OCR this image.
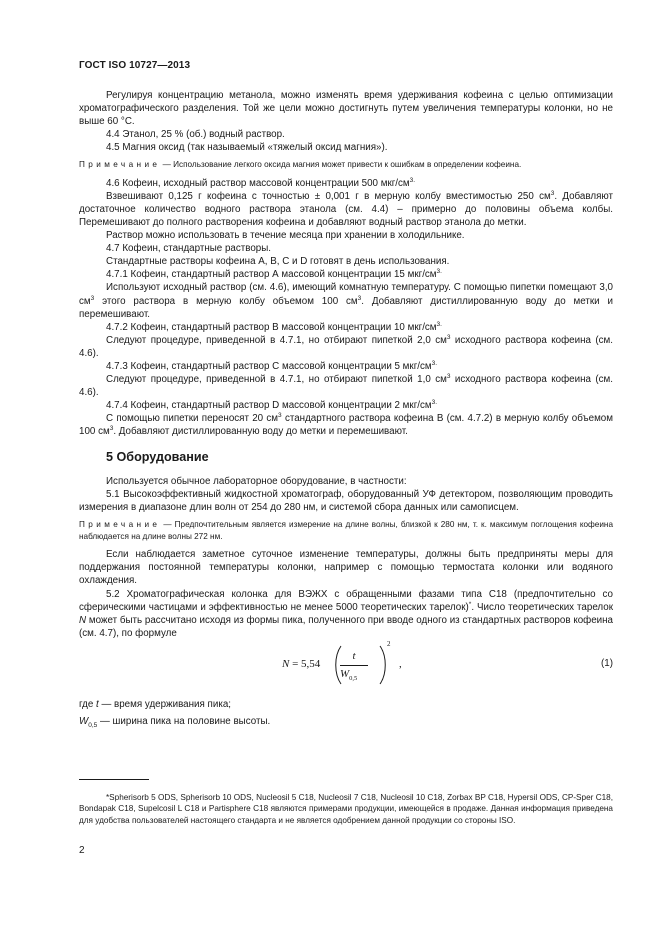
ГОСТ ISO 10727—2013

Регулируя концентрацию метанола, можно изменять время удерживания кофеина с целью оптимизации хроматографического разделения. Той же цели можно достигнуть путем увеличения температуры колонки, но не выше 60 °С.

4.4 Этанол, 25 % (об.) водный раствор.

4.5 Магния оксид (так называемый «тяжелый оксид магния»).

Примечание — Использование легкого оксида магния может привести к ошибкам в определении кофеина.

4.6 Кофеин, исходный раствор массовой концентрации 500 мкг/$см^{3.}$

Взвешивают 0,125 г кофеина с точностью ± 0,001 г в мерную колбу вместимостью 250 $см^3$. Добавляют достаточное количество водного раствора этанола (см. 4.4) – примерно до половины объема колбы. Перемешивают до полного растворения кофеина и добавляют водный раствор этанола до метки.

Раствор можно использовать в течение месяца при хранении в холодильнике.

4.7 Кофеин, стандартные растворы.

Стандартные растворы кофеина А, В, С и D готовят в день использования.

4.7.1 Кофеин, стандартный раствор А массовой концентрации 15 мкг/$см^{3.}$

Используют исходный раствор (см. 4.6), имеющий комнатную температуру. С помощью пипетки помещают 3,0 $см^3$ этого раствора в мерную колбу объемом 100 $см^3$. Добавляют дистиллированную воду до метки и перемешивают.

4.7.2 Кофеин, стандартный раствор В массовой концентрации 10 мкг/$см^{3.}$

Следуют процедуре, приведенной в 4.7.1, но отбирают пипеткой 2,0 $см^3$ исходного раствора кофеина (см. 4.6).

4.7.3 Кофеин, стандартный раствор С массовой концентрации 5 мкг/$см^{3.}$

Следуют процедуре, приведенной в 4.7.1, но отбирают пипеткой 1,0 $см^3$ исходного раствора кофеина (см. 4.6).

4.7.4 Кофеин, стандартный раствор D массовой концентрации 2 мкг/$см^{3.}$

С помощью пипетки переносят 20 $см^3$ стандартного раствора кофеина В (см. 4.7.2) в мерную колбу объемом 100 $см^3$. Добавляют дистиллированную воду до метки и перемешивают.

5 Оборудование

Используется обычное лабораторное оборудование, в частности:

5.1 Высокоэффективный жидкостной хроматограф, оборудованный УФ детектором, позволяющим проводить измерения в диапазоне длин волн от 254 до 280 нм, и системой сбора данных или самописцем.

Примечание — Предпочтительным является измерение на длине волны, близкой к 280 нм, т. к. максимум поглощения кофеина наблюдается на длине волны 272 нм.

Если наблюдается заметное суточное изменение температуры, должны быть предприняты меры для поддержания постоянной температуры колонки, например с помощью термостата колонки или водяного охлаждения.

5.2 Хроматографическая колонка для ВЭЖХ с обращенными фазами типа С18 (предпочтительно со сферическими частицами и эффективностью не менее 5000 теоретических тарелок)*. Число теоретических тарелок N может быть рассчитано исходя из формы пика, полученного при вводе одного из стандартных растворов кофеина (см. 4.7), по формуле

N = 5,54
t
$W_{0,5}$
2
,	(1)

где t — время удерживания пика;

$W_{0,5}$ — ширина пика на половине высоты.

*Spherisorb 5 ODS, Spherisorb 10 ODS, Nucleosil 5 C18, Nucleosil 7 C18, Nucleosil 10 C18, Zorbax BP C18, Hypersil ODS, CP-Sper C18, Bondapak C18, Supelcosil L C18 и Partisphere C18 являются примерами продукции, имеющейся в продаже. Данная информация приведена для удобства пользователей настоящего стандарта и не является одобрением данной продукции со стороны ISO.

2
